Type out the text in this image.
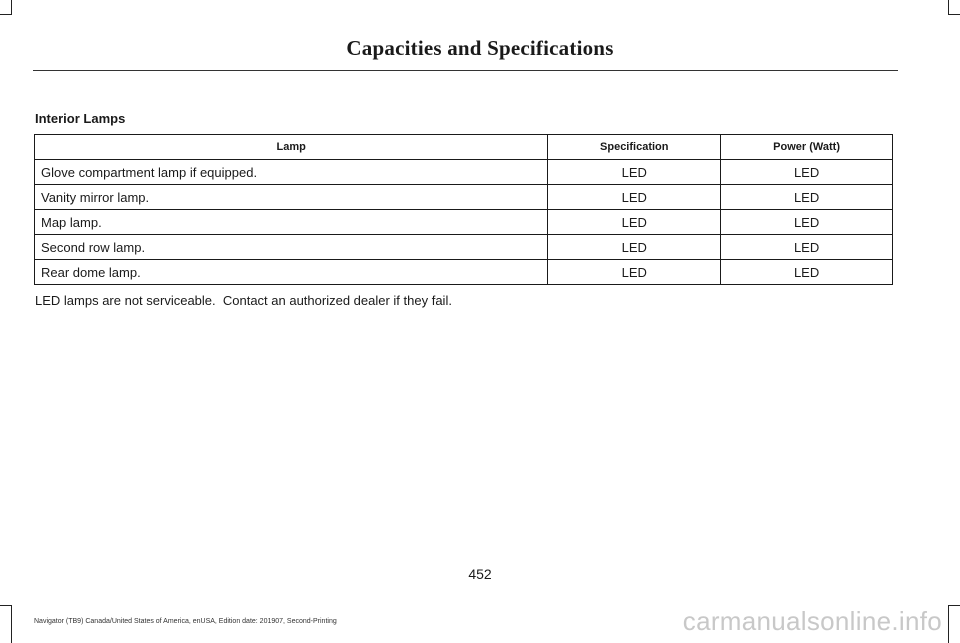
Capacities and Specifications
Interior Lamps
Lamp	Specification	Power (Watt)
Glove compartment lamp if equipped.	LED	LED
Vanity mirror lamp.	LED	LED
Map lamp.	LED	LED
Second row lamp.	LED	LED
Rear dome lamp.	LED	LED
LED lamps are not serviceable.  Contact an authorized dealer if they fail.
452
Navigator (TB9) Canada/United States of America, enUSA, Edition date: 201907, Second-Printing	carmanualsonline.info
